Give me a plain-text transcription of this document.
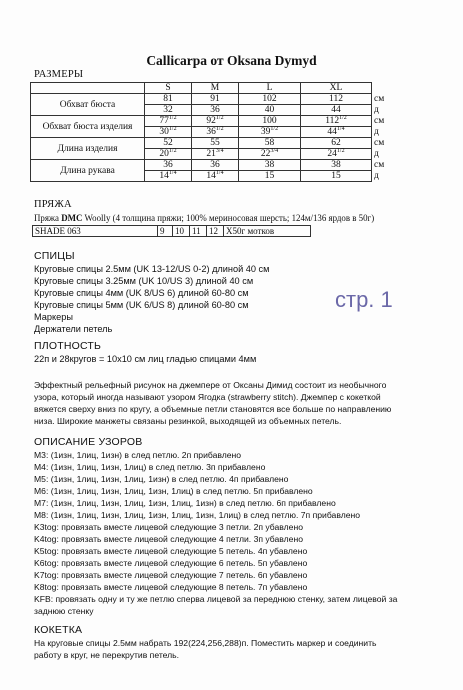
Callicarpa от Oksana Dymyd
РАЗМЕРЫ
	S	M	L	XL	
Обхват бюста	81	91	102	112	см
	32	36	40	44	д
Обхват бюста изделия	$77^{1/2}$	$92^{1/2}$	100	$112^{1/2}$	см
	$30^{1/2}$	$36^{1/2}$	$39^{1/2}$	$44^{1/4}$	д
Длина изделия	52	55	58	62	см
	$20^{1/2}$	$21^{3/4}$	$22^{3/4}$	$24^{1/2}$	д
Длина рукава	36	36	38	38	см
	$14^{1/4}$	$14^{1/4}$	15	15	д
ПРЯЖА
Пряжа DMC Woolly (4 толщина пряжи; 100% мериносовая шерсть; 124м/136 ярдов в 50г)
SHADE 063	9	10	11	12	X50г мотков
СПИЦЫ
Круговые спицы 2.5мм (UK 13-12/US 0-2) длиной 40 см
Круговые спицы 3.25мм (UK 10/US 3) длиной 40 см
Круговые спицы 4мм (UK 8/US 6) длиной 60-80 см
Круговые спицы 5мм (UK 6/US 8) длиной 60-80 см
Маркеры
Держатели петель
стр. 1
ПЛОТНОСТЬ
22п и 28кругов = 10х10 см лиц гладью спицами 4мм
Эффектный рельефный рисунок на джемпере от Оксаны Димид состоит из необычного
узора, который иногда называют узором Ягодка (strawberry stitch). Джемпер с кокеткой
вяжется сверху вниз по кругу, а объемные петли становятся все больше по направлению
низа. Широкие манжеты связаны резинкой, выходящей из объемных петель.
ОПИСАНИЕ УЗОРОВ
M3: (1изн, 1лиц, 1изн) в след петлю. 2п прибавлено
M4: (1изн, 1лиц, 1изн, 1лиц) в след петлю. 3п прибавлено
M5: (1изн, 1лиц, 1изн, 1лиц, 1изн) в след петлю. 4п прибавлено
M6: (1изн, 1лиц, 1изн, 1лиц, 1изн, 1лиц) в след петлю. 5п прибавлено
M7: (1изн, 1лиц, 1изн, 1лиц, 1изн, 1лиц, 1изн) в след петлю. 6п прибавлено
M8: (1изн, 1лиц, 1изн, 1лиц, 1изн, 1лиц, 1изн, 1лиц) в след петлю. 7п прибавлено
K3tog: провязать вместе лицевой следующие 3 петли. 2п убавлено
K4tog: провязать вместе лицевой следующие 4 петли. 3п убавлено
K5tog: провязать вместе лицевой следующие 5 петель. 4п убавлено
K6tog: провязать вместе лицевой следующие 6 петель. 5п убавлено
K7tog: провязать вместе лицевой следующие 7 петель. 6п убавлено
K8tog: провязать вместе лицевой следующие 8 петель. 7п убавлено
KFB: провязать одну и ту же петлю сперва лицевой за переднюю стенку, затем лицевой за
заднюю стенку
КОКЕТКА
На круговые спицы 2.5мм набрать 192(224,256,288)п. Поместить маркер и соединить
работу в круг, не перекрутив петель.
